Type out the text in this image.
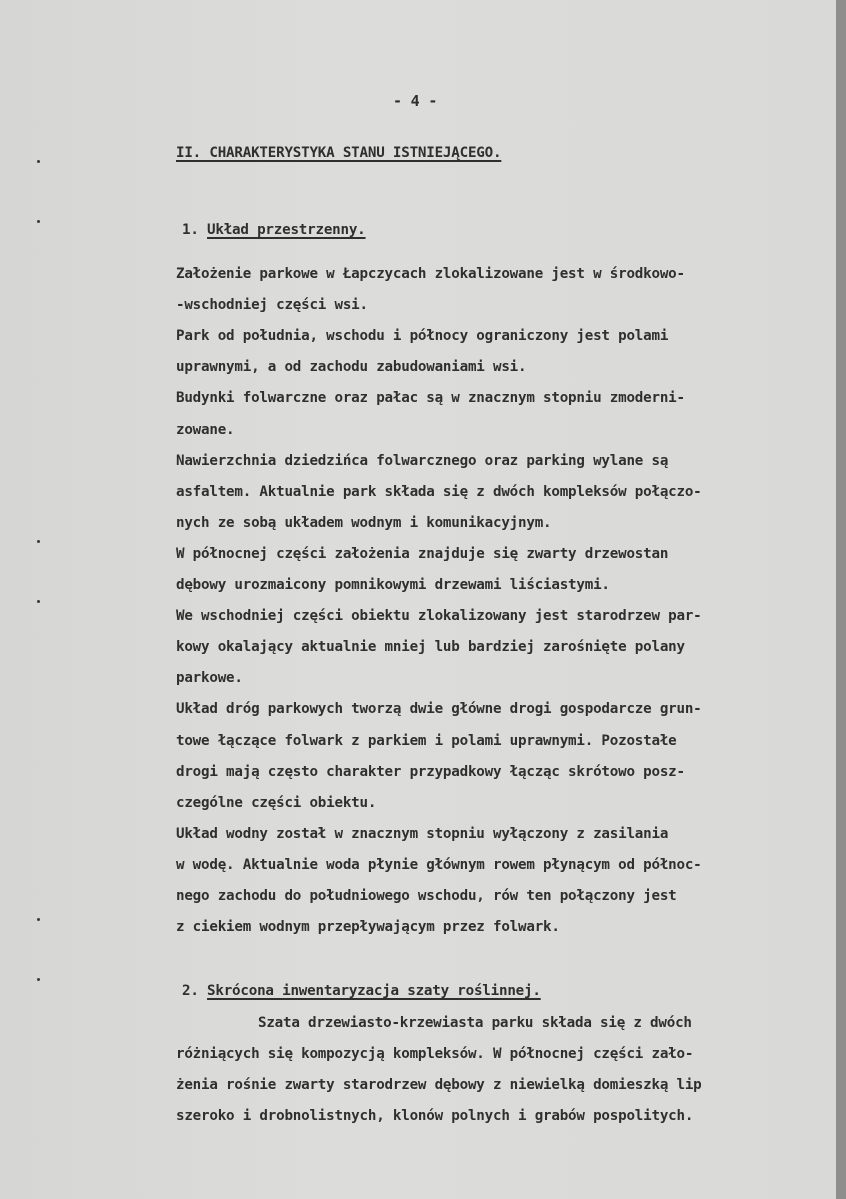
- 4 -
II. CHARAKTERYSTYKA STANU ISTNIEJĄCEGO.
1. Układ przestrzenny.
Założenie parkowe w Łapczycach zlokalizowane jest w środkowo-
-wschodniej części wsi.
Park od południa, wschodu i północy ograniczony jest polami
uprawnymi, a od zachodu zabudowaniami wsi.
Budynki folwarczne oraz pałac są w znacznym stopniu zmoderni-
zowane.
Nawierzchnia dziedzińca folwarcznego oraz parking wylane są
asfaltem. Aktualnie park składa się z dwóch kompleksów połączo-
nych ze sobą układem wodnym i komunikacyjnym.
W północnej części założenia znajduje się zwarty drzewostan
dębowy urozmaicony pomnikowymi drzewami liściastymi.
We wschodniej części obiektu zlokalizowany jest starodrzew par-
kowy okalający aktualnie mniej lub bardziej zarośnięte polany
parkowe.
Układ dróg parkowych tworzą dwie główne drogi gospodarcze grun-
towe łączące folwark z parkiem i polami uprawnymi. Pozostałe
drogi mają często charakter przypadkowy łącząc skrótowo posz-
czególne części obiektu.
Układ wodny został w znacznym stopniu wyłączony z zasilania
w wodę. Aktualnie woda płynie głównym rowem płynącym od północ-
nego zachodu do południowego wschodu, rów ten połączony jest
z ciekiem wodnym przepływającym przez folwark.
2. Skrócona inwentaryzacja szaty roślinnej.
Szata drzewiasto-krzewiasta parku składa się z dwóch
różniących się kompozycją kompleksów. W północnej części zało-
żenia rośnie zwarty starodrzew dębowy z niewielką domieszką lip
szeroko i drobnolistnych, klonów polnych i grabów pospolitych.
